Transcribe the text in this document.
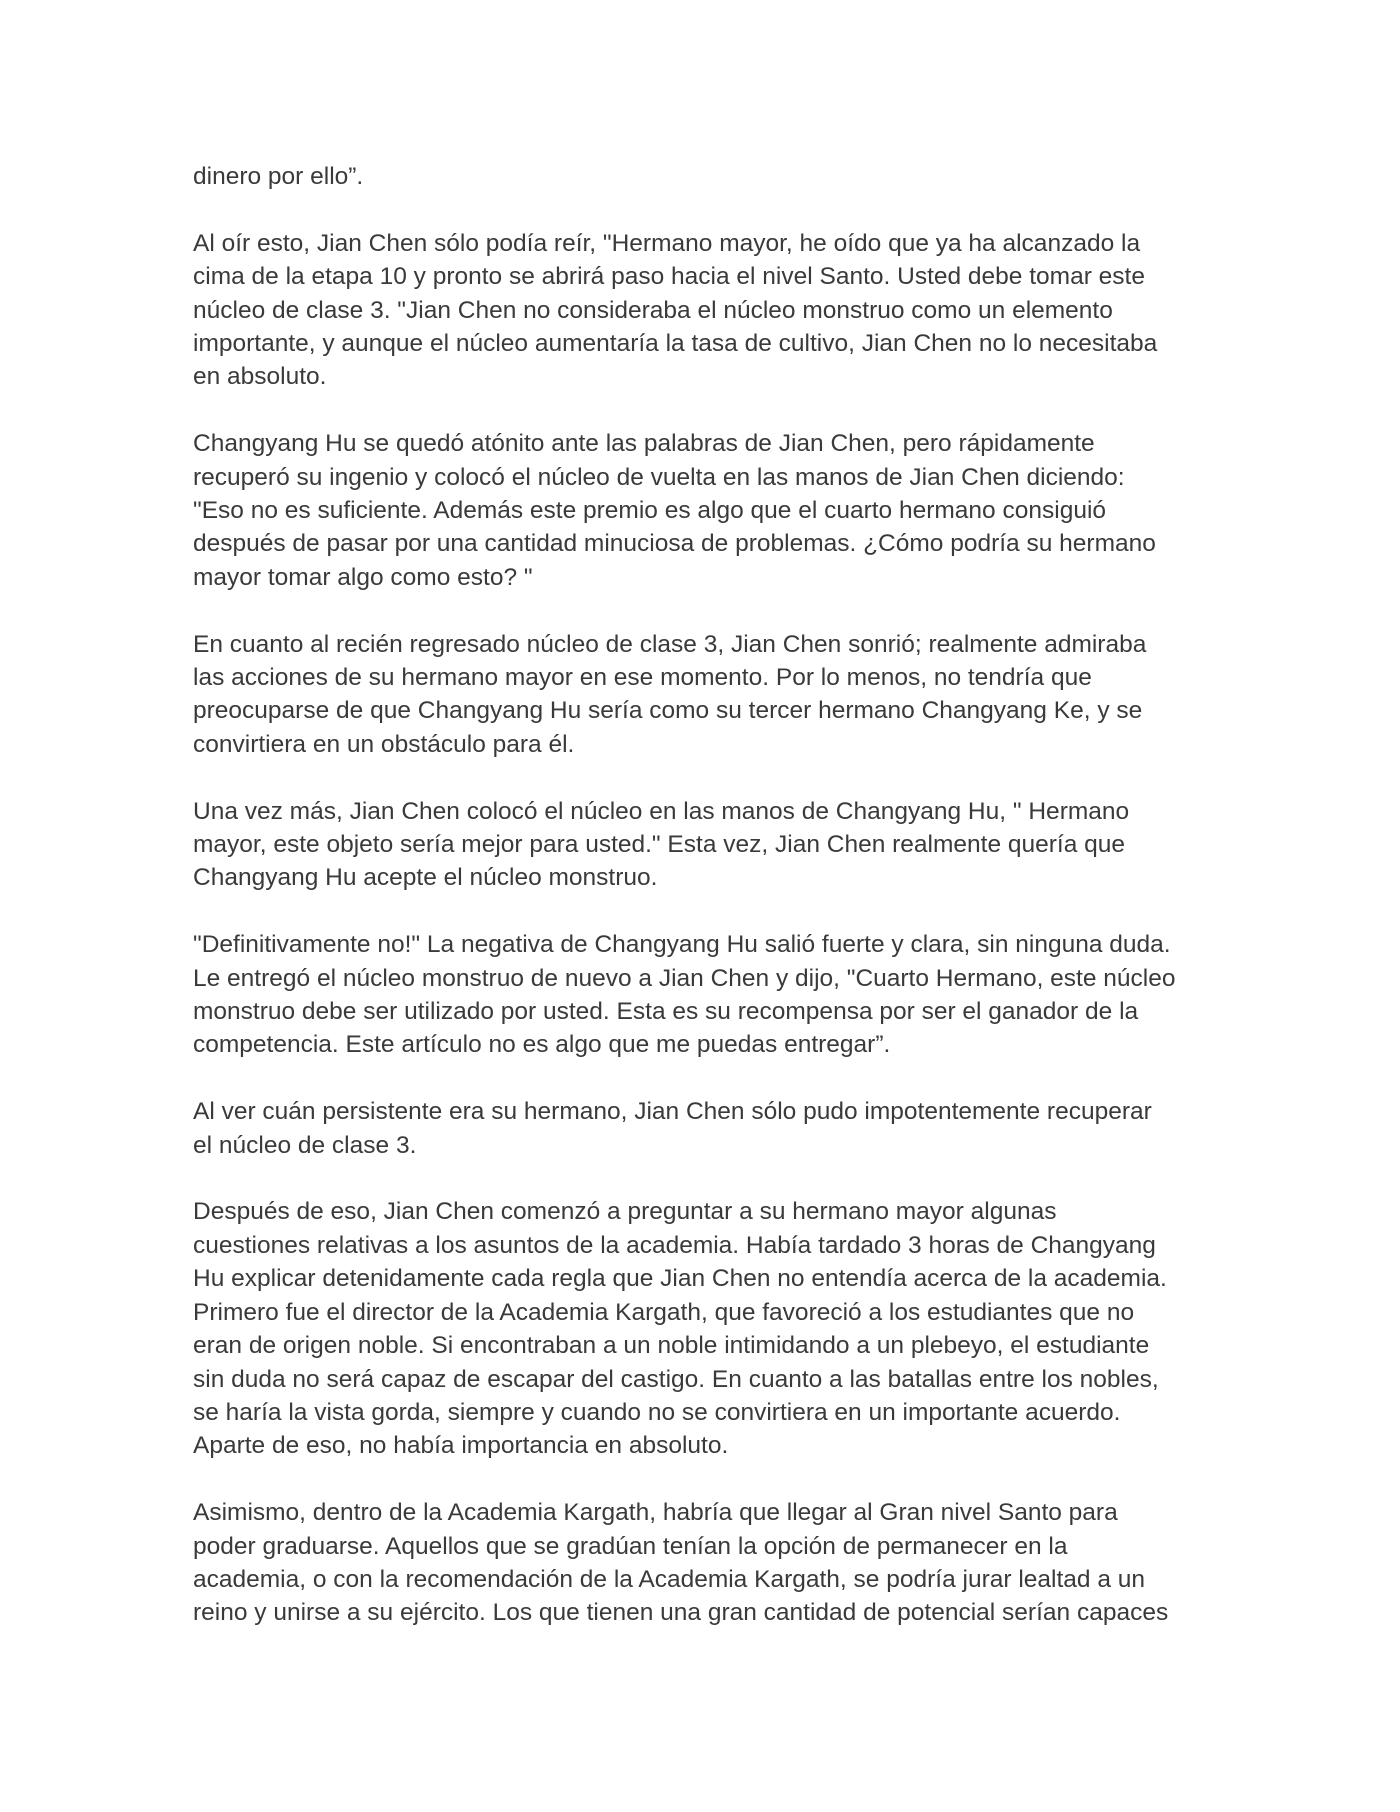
dinero por ello”.

Al oír esto, Jian Chen sólo podía reír, "Hermano mayor, he oído que ya ha alcanzado la
cima de la etapa 10 y pronto se abrirá paso hacia el nivel Santo. Usted debe tomar este
núcleo de clase 3. "Jian Chen no consideraba el núcleo monstruo como un elemento
importante, y aunque el núcleo aumentaría la tasa de cultivo, Jian Chen no lo necesitaba
en absoluto.

Changyang Hu se quedó atónito ante las palabras de Jian Chen, pero rápidamente
recuperó su ingenio y colocó el núcleo de vuelta en las manos de Jian Chen diciendo:
"Eso no es suficiente. Además este premio es algo que el cuarto hermano consiguió
después de pasar por una cantidad minuciosa de problemas. ¿Cómo podría su hermano
mayor tomar algo como esto? "

En cuanto al recién regresado núcleo de clase 3, Jian Chen sonrió; realmente admiraba
las acciones de su hermano mayor en ese momento. Por lo menos, no tendría que
preocuparse de que Changyang Hu sería como su tercer hermano Changyang Ke, y se
convirtiera en un obstáculo para él.

Una vez más, Jian Chen colocó el núcleo en las manos de Changyang Hu, " Hermano
mayor, este objeto sería mejor para usted." Esta vez, Jian Chen realmente quería que
Changyang Hu acepte el núcleo monstruo.

"Definitivamente no!" La negativa de Changyang Hu salió fuerte y clara, sin ninguna duda.
Le entregó el núcleo monstruo de nuevo a Jian Chen y dijo, "Cuarto Hermano, este núcleo
monstruo debe ser utilizado por usted. Esta es su recompensa por ser el ganador de la
competencia. Este artículo no es algo que me puedas entregar”.

Al ver cuán persistente era su hermano, Jian Chen sólo pudo impotentemente recuperar
el núcleo de clase 3.

Después de eso, Jian Chen comenzó a preguntar a su hermano mayor algunas
cuestiones relativas a los asuntos de la academia. Había tardado 3 horas de Changyang
Hu explicar detenidamente cada regla que Jian Chen no entendía acerca de la academia.
Primero fue el director de la Academia Kargath, que favoreció a los estudiantes que no
eran de origen noble. Si encontraban a un noble intimidando a un plebeyo, el estudiante
sin duda no será capaz de escapar del castigo. En cuanto a las batallas entre los nobles,
se haría la vista gorda, siempre y cuando no se convirtiera en un importante acuerdo.
Aparte de eso, no había importancia en absoluto.

Asimismo, dentro de la Academia Kargath, habría que llegar al Gran nivel Santo para
poder graduarse. Aquellos que se gradúan tenían la opción de permanecer en la
academia, o con la recomendación de la Academia Kargath, se podría jurar lealtad a un
reino y unirse a su ejército. Los que tienen una gran cantidad de potencial serían capaces
